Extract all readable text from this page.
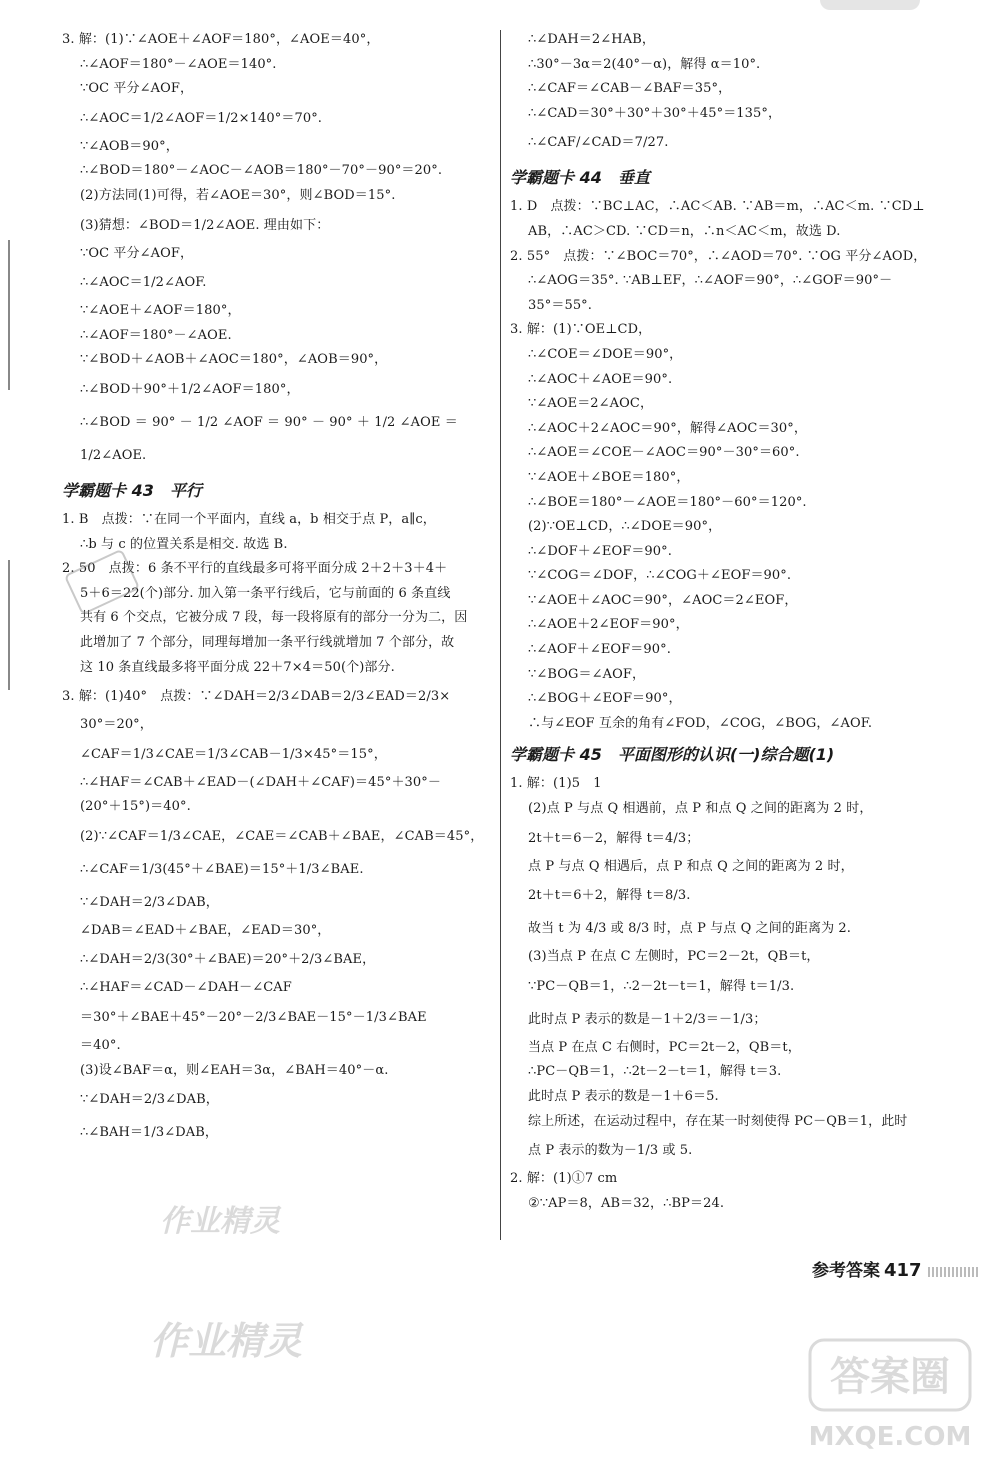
3. 解：(1)∵∠AOE＋∠AOF＝180°，∠AOE＝40°，
∴∠AOF＝180°－∠AOE＝140°.
∵OC 平分∠AOF，
∴∠AOC＝1/2∠AOF＝1/2×140°＝70°.
∵∠AOB＝90°，
∴∠BOD＝180°－∠AOC－∠AOB＝180°－70°－90°＝20°.
(2)方法同(1)可得，若∠AOE＝30°，则∠BOD＝15°.
(3)猜想：∠BOD＝1/2∠AOE. 理由如下：
∵OC 平分∠AOF，
∴∠AOC＝1/2∠AOF.
∵∠AOE＋∠AOF＝180°，
∴∠AOF＝180°－∠AOE.
∵∠BOD＋∠AOB＋∠AOC＝180°，∠AOB＝90°，
∴∠BOD＋90°＋1/2∠AOF＝180°，
∴∠BOD ＝ 90° － 1/2 ∠AOF ＝ 90° － 90° ＋ 1/2 ∠AOE ＝
1/2∠AOE.
学霸题卡 43　平行
1. B　点拨：∵在同一个平面内，直线 a，b 相交于点 P，a∥c，
∴b 与 c 的位置关系是相交. 故选 B.
2. 50　点拨：6 条不平行的直线最多可将平面分成 2＋2＋3＋4＋
5＋6＝22(个)部分. 加入第一条平行线后，它与前面的 6 条直线
共有 6 个交点，它被分成 7 段，每一段将原有的部分一分为二，因
此增加了 7 个部分，同理每增加一条平行线就增加 7 个部分，故
这 10 条直线最多将平面分成 22＋7×4＝50(个)部分.
3. 解：(1)40°　点拨：∵∠DAH＝2/3∠DAB＝2/3∠EAD＝2/3×
30°＝20°，
∠CAF＝1/3∠CAE＝1/3∠CAB－1/3×45°＝15°，
∴∠HAF＝∠CAB＋∠EAD－(∠DAH＋∠CAF)＝45°＋30°－
(20°＋15°)＝40°.
(2)∵∠CAF＝1/3∠CAE，∠CAE＝∠CAB＋∠BAE，∠CAB＝45°，
∴∠CAF＝1/3(45°＋∠BAE)＝15°＋1/3∠BAE.
∵∠DAH＝2/3∠DAB，
∠DAB＝∠EAD＋∠BAE，∠EAD＝30°，
∴∠DAH＝2/3(30°＋∠BAE)＝20°＋2/3∠BAE，
∴∠HAF＝∠CAD－∠DAH－∠CAF
＝30°＋∠BAE＋45°－20°－2/3∠BAE－15°－1/3∠BAE
＝40°.
(3)设∠BAF＝α，则∠EAH＝3α，∠BAH＝40°－α.
∵∠DAH＝2/3∠DAB，
∴∠BAH＝1/3∠DAB，
∴∠DAH＝2∠HAB，
∴30°－3α＝2(40°－α)，解得 α＝10°.
∴∠CAF＝∠CAB－∠BAF＝35°，
∴∠CAD＝30°＋30°＋30°＋45°＝135°，
∴∠CAF/∠CAD＝7/27.
学霸题卡 44　垂直
1. D　点拨：∵BC⊥AC，∴AC＜AB. ∵AB＝m，∴AC＜m. ∵CD⊥
AB，∴AC＞CD. ∵CD＝n，∴n＜AC＜m，故选 D.
2. 55°　点拨：∵∠BOC＝70°，∴∠AOD＝70°. ∵OG 平分∠AOD，
∴∠AOG＝35°. ∵AB⊥EF，∴∠AOF＝90°，∴∠GOF＝90°－
35°＝55°.
3. 解：(1)∵OE⊥CD，
∴∠COE＝∠DOE＝90°，
∴∠AOC＋∠AOE＝90°.
∵∠AOE＝2∠AOC，
∴∠AOC＋2∠AOC＝90°，解得∠AOC＝30°，
∴∠AOE＝∠COE－∠AOC＝90°－30°＝60°.
∵∠AOE＋∠BOE＝180°，
∴∠BOE＝180°－∠AOE＝180°－60°＝120°.
(2)∵OE⊥CD，∴∠DOE＝90°，
∴∠DOF＋∠EOF＝90°.
∵∠COG＝∠DOF，∴∠COG＋∠EOF＝90°.
∵∠AOE＋∠AOC＝90°，∠AOC＝2∠EOF，
∴∠AOE＋2∠EOF＝90°，
∴∠AOF＋∠EOF＝90°.
∵∠BOG＝∠AOF，
∴∠BOG＋∠EOF＝90°，
∴与∠EOF 互余的角有∠FOD，∠COG，∠BOG，∠AOF.
学霸题卡 45　平面图形的认识(一)综合题(1)
1. 解：(1)5　1
(2)点 P 与点 Q 相遇前，点 P 和点 Q 之间的距离为 2 时，
2t＋t＝6－2，解得 t＝4/3；
点 P 与点 Q 相遇后，点 P 和点 Q 之间的距离为 2 时，
2t＋t＝6＋2，解得 t＝8/3.
故当 t 为 4/3 或 8/3 时，点 P 与点 Q 之间的距离为 2.
(3)当点 P 在点 C 左侧时，PC＝2－2t，QB＝t，
∵PC－QB＝1，∴2－2t－t＝1，解得 t＝1/3.
此时点 P 表示的数是－1＋2/3＝－1/3；
当点 P 在点 C 右侧时，PC＝2t－2，QB＝t，
∴PC－QB＝1，∴2t－2－t＝1，解得 t＝3.
此时点 P 表示的数是－1＋6＝5.
综上所述，在运动过程中，存在某一时刻使得 PC－QB＝1，此时
点 P 表示的数为－1/3 或 5.
2. 解：(1)①7 cm
②∵AP＝8，AB＝32，∴BP＝24.
作业精灵
作业精灵
参考答案 417
答案圈
MXQE.COM
